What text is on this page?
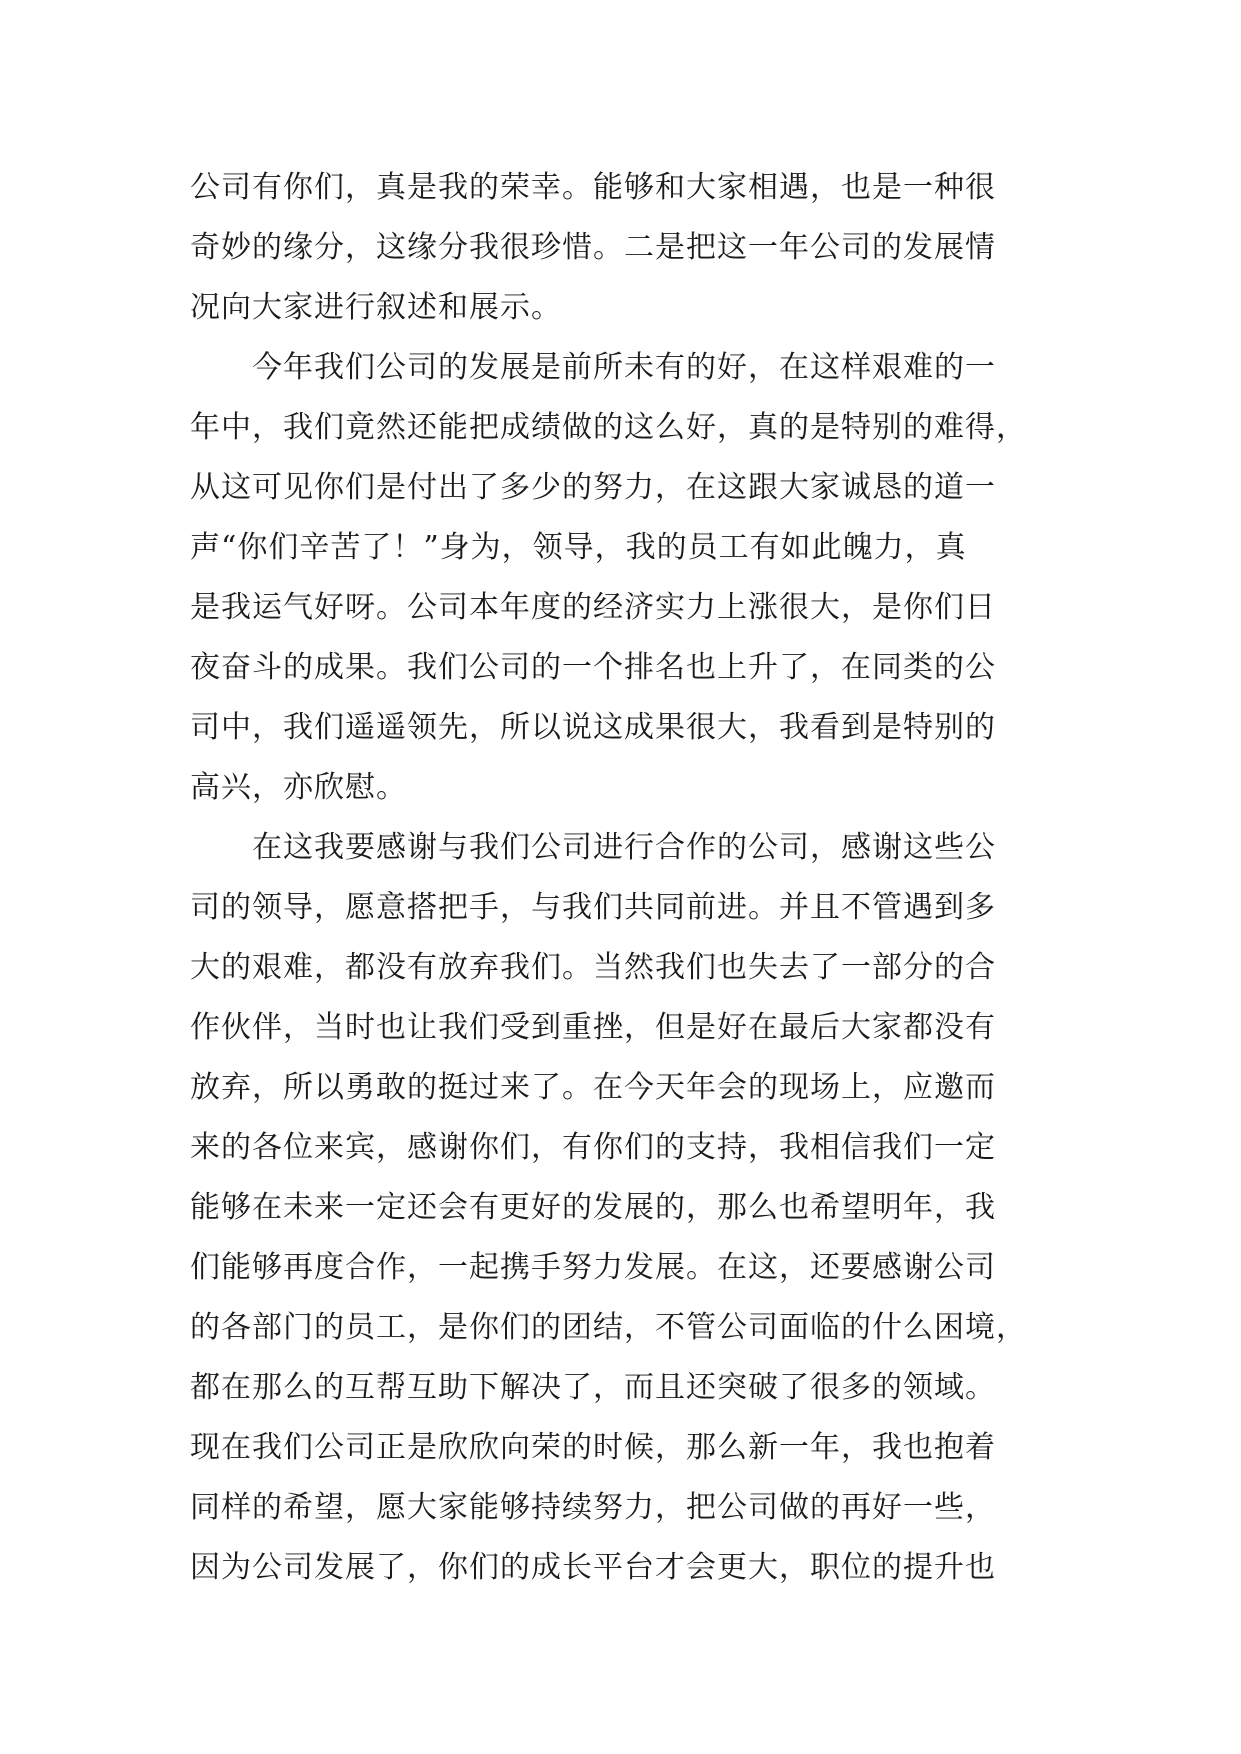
公司有你们，真是我的荣幸。能够和大家相遇，也是一种很
奇妙的缘分，这缘分我很珍惜。二是把这一年公司的发展情
况向大家进行叙述和展示。
今年我们公司的发展是前所未有的好，在这样艰难的一
年中，我们竟然还能把成绩做的这么好，真的是特别的难得，
从这可见你们是付出了多少的努力，在这跟大家诚恳的道一
声“你们辛苦了！”身为，领导，我的员工有如此魄力，真
是我运气好呀。公司本年度的经济实力上涨很大，是你们日
夜奋斗的成果。我们公司的一个排名也上升了，在同类的公
司中，我们遥遥领先，所以说这成果很大，我看到是特别的
高兴，亦欣慰。
在这我要感谢与我们公司进行合作的公司，感谢这些公
司的领导，愿意搭把手，与我们共同前进。并且不管遇到多
大的艰难，都没有放弃我们。当然我们也失去了一部分的合
作伙伴，当时也让我们受到重挫，但是好在最后大家都没有
放弃，所以勇敢的挺过来了。在今天年会的现场上，应邀而
来的各位来宾，感谢你们，有你们的支持，我相信我们一定
能够在未来一定还会有更好的发展的，那么也希望明年，我
们能够再度合作，一起携手努力发展。在这，还要感谢公司
的各部门的员工，是你们的团结，不管公司面临的什么困境，
都在那么的互帮互助下解决了，而且还突破了很多的领域。
现在我们公司正是欣欣向荣的时候，那么新一年，我也抱着
同样的希望，愿大家能够持续努力，把公司做的再好一些，
因为公司发展了，你们的成长平台才会更大，职位的提升也
